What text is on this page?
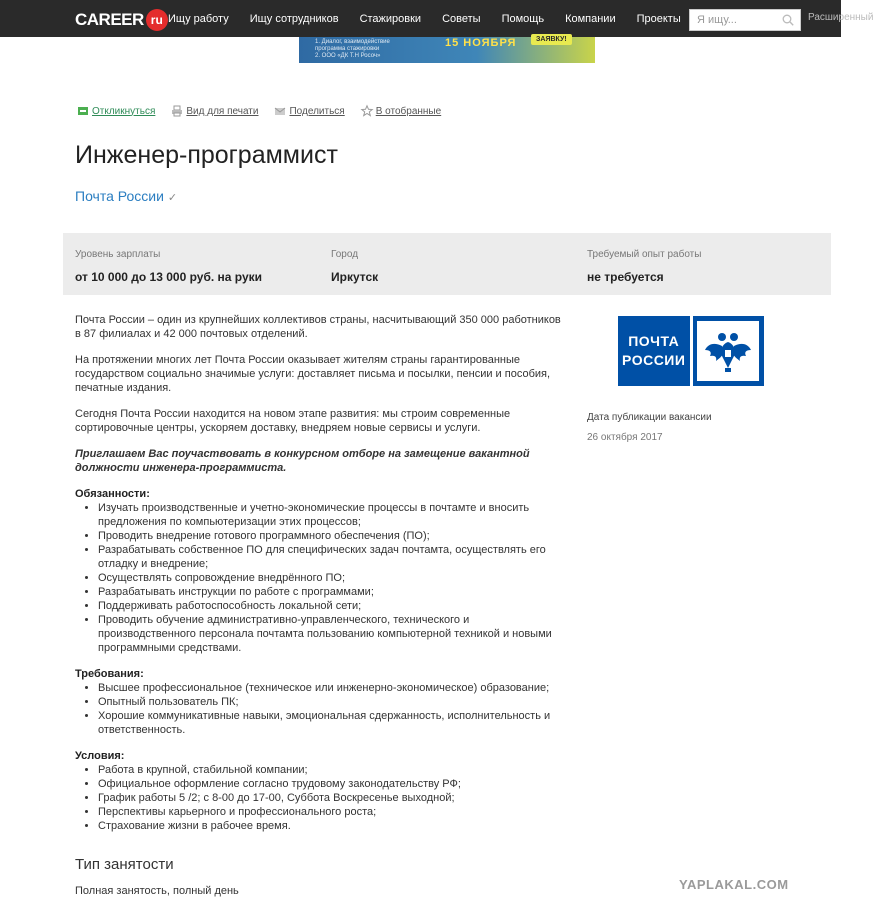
CAREER ru Ищу работу Ищу сотрудников Стажировки Советы Помощь Компании Проекты
Я ищу...	Расширенный
1. Диалог, взаимодействие
программа стажировки
2. ООО «ДК Т.Н Росоч»
15 НОЯБРЯ	ЗАЯВКУ!
Откликнуться	Вид для печати	Поделиться	В отобранные
Инженер-программист
Почта России ✓
Уровень зарплаты
от 10 000 до 13 000 руб. на руки
Город
Иркутск
Требуемый опыт работы
не требуется

Почта России – один из крупнейших коллективов страны, насчитывающий 350 000 работников в 87 филиалах и 42 000 почтовых отделений.

На протяжении многих лет Почта России оказывает жителям страны гарантированные государством социально значимые услуги: доставляет письма и посылки, пенсии и пособия, печатные издания.

Сегодня Почта России находится на новом этапе развития: мы строим современные сортировочные центры, ускоряем доставку, внедряем новые сервисы и услуги.

Приглашаем Вас поучаствовать в конкурсном отборе на замещение вакантной должности инженера-программиста.

Обязанности:
• Изучать производственные и учетно-экономические процессы в почтамте и вносить предложения по компьютеризации этих процессов;
• Проводить внедрение готового программного обеспечения (ПО);
• Разрабатывать собственное ПО для специфических задач почтамта, осуществлять его отладку и внедрение;
• Осуществлять сопровождение внедрённого ПО;
• Разрабатывать инструкции по работе с программами;
• Поддерживать работоспособность локальной сети;
• Проводить обучение административно-управленческого, технического и производственного персонала почтамта пользованию компьютерной техникой и новыми программными средствами.
Требования:
• Высшее профессиональное (техническое или инженерно-экономическое) образование;
• Опытный пользователь ПК;
• Хорошие коммуникативные навыки, эмоциональная сдержанность, исполнительность и ответственность.
Условия:
• Работа в крупной, стабильной компании;
• Официальное оформление согласно трудовому законодательству РФ;
• График работы 5 /2; с 8-00 до 17-00, Суббота Воскресенье выходной;
• Перспективы карьерного и профессионального роста;
• Страхование жизни в рабочее время.
ПОЧТА
РОССИИ
Дата публикации вакансии
26 октября 2017
Тип занятости
Полная занятость, полный день	YAPLAKAL.COM
